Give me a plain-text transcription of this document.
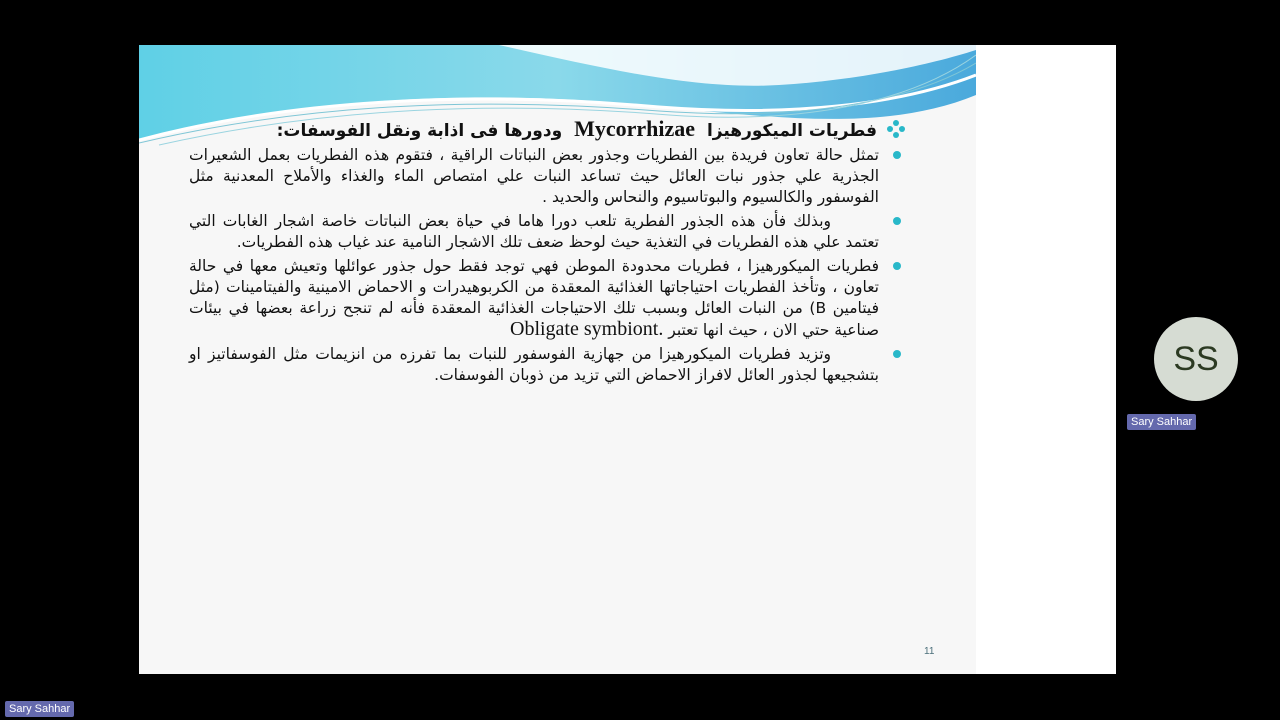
فطريات الميكورهيزا Mycorrhizae ودورها فى اذابة ونقل الفوسفات:
تمثل حالة تعاون فريدة بين الفطريات وجذور بعض النباتات الراقية ، فتقوم هذه الفطريات بعمل الشعيرات الجذرية علي جذور نبات العائل حيث تساعد النبات علي امتصاص الماء والغذاء والأملاح المعدنية مثل الفوسفور والكالسيوم والبوتاسيوم والنحاس والحديد .
وبذلك فأن هذه الجذور الفطرية تلعب دورا هاما في حياة بعض النباتات خاصة اشجار الغابات التي تعتمد علي هذه الفطريات في التغذية حيث لوحظ ضعف تلك الاشجار النامية عند غياب هذه الفطريات.
فطريات الميكورهيزا ، فطريات محدودة الموطن فهي توجد فقط حول جذور عوائلها وتعيش معها في حالة تعاون ، وتأخذ الفطريات احتياجاتها الغذائية المعقدة من الكربوهيدرات و الاحماض الامينية والفيتامينات (مثل فيتامين B) من النبات العائل وبسبب تلك الاحتياجات الغذائية المعقدة فأنه لم تنجح زراعة بعضها في بيئات صناعية حتي الان ، حيث انها تعتبر Obligate symbiont.
وتزيد فطريات الميكورهيزا من جهازية الفوسفور للنبات بما تفرزه من انزيمات مثل الفوسفاتيز او بتشجيعها لجذور العائل لافراز الاحماض التي تزيد من ذوبان الفوسفات.
11
SS
Sary Sahhar
Sary Sahhar
